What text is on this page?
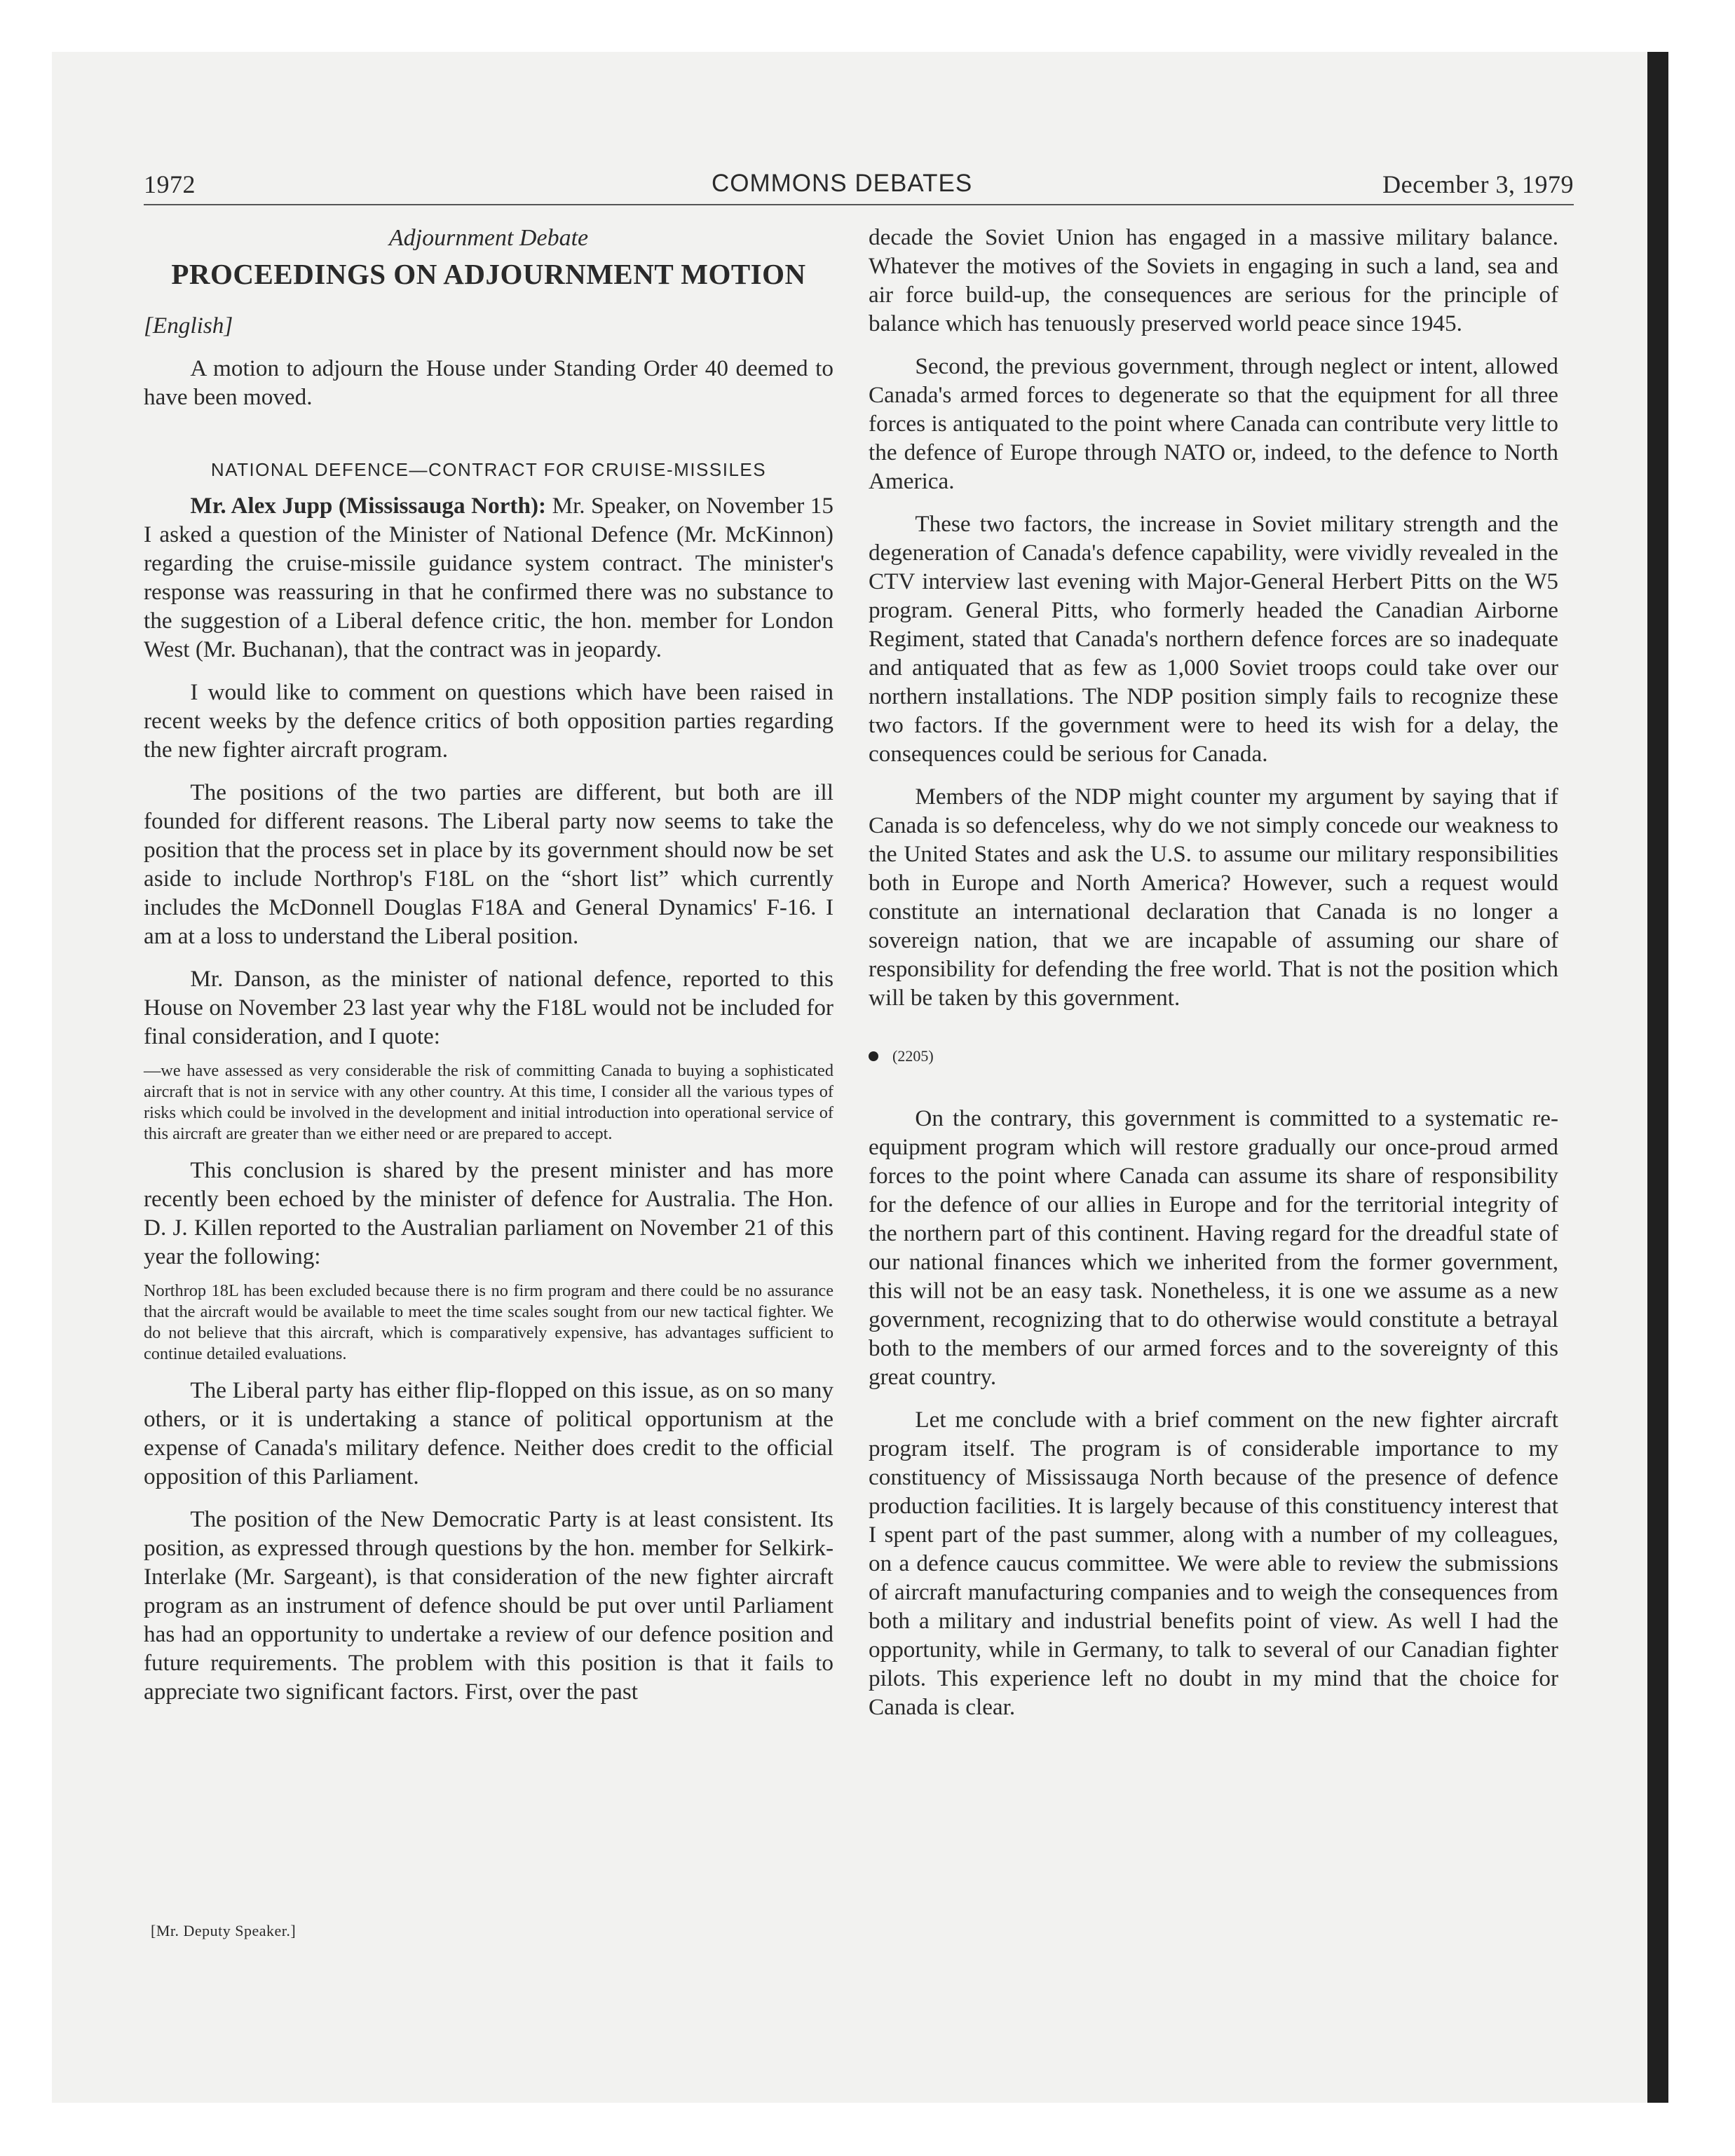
1972	COMMONS DEBATES	December 3, 1979
Adjournment Debate
PROCEEDINGS ON ADJOURNMENT MOTION

[English]

A motion to adjourn the House under Standing Order 40 deemed to have been moved.

NATIONAL DEFENCE—CONTRACT FOR CRUISE-MISSILES

Mr. Alex Jupp (Mississauga North): Mr. Speaker, on November 15 I asked a question of the Minister of National Defence (Mr. McKinnon) regarding the cruise-missile guidance system contract. The minister's response was reassuring in that he confirmed there was no substance to the suggestion of a Liberal defence critic, the hon. member for London West (Mr. Buchanan), that the contract was in jeopardy.

I would like to comment on questions which have been raised in recent weeks by the defence critics of both opposition parties regarding the new fighter aircraft program.

The positions of the two parties are different, but both are ill founded for different reasons. The Liberal party now seems to take the position that the process set in place by its government should now be set aside to include Northrop's F18L on the “short list” which currently includes the McDonnell Douglas F18A and General Dynamics' F-16. I am at a loss to understand the Liberal position.

Mr. Danson, as the minister of national defence, reported to this House on November 23 last year why the F18L would not be included for final consideration, and I quote:

—we have assessed as very considerable the risk of committing Canada to buying a sophisticated aircraft that is not in service with any other country. At this time, I consider all the various types of risks which could be involved in the development and initial introduction into operational service of this aircraft are greater than we either need or are prepared to accept.

This conclusion is shared by the present minister and has more recently been echoed by the minister of defence for Australia. The Hon. D. J. Killen reported to the Australian parliament on November 21 of this year the following:

Northrop 18L has been excluded because there is no firm program and there could be no assurance that the aircraft would be available to meet the time scales sought from our new tactical fighter. We do not believe that this aircraft, which is comparatively expensive, has advantages sufficient to continue detailed evaluations.

The Liberal party has either flip-flopped on this issue, as on so many others, or it is undertaking a stance of political opportunism at the expense of Canada's military defence. Neither does credit to the official opposition of this Parliament.

The position of the New Democratic Party is at least consistent. Its position, as expressed through questions by the hon. member for Selkirk-Interlake (Mr. Sargeant), is that consideration of the new fighter aircraft program as an instrument of defence should be put over until Parliament has had an opportunity to undertake a review of our defence position and future requirements. The problem with this position is that it fails to appreciate two significant factors. First, over the past

decade the Soviet Union has engaged in a massive military balance. Whatever the motives of the Soviets in engaging in such a land, sea and air force build-up, the consequences are serious for the principle of balance which has tenuously preserved world peace since 1945.

Second, the previous government, through neglect or intent, allowed Canada's armed forces to degenerate so that the equipment for all three forces is antiquated to the point where Canada can contribute very little to the defence of Europe through NATO or, indeed, to the defence to North America.

These two factors, the increase in Soviet military strength and the degeneration of Canada's defence capability, were vividly revealed in the CTV interview last evening with Major-General Herbert Pitts on the W5 program. General Pitts, who formerly headed the Canadian Airborne Regiment, stated that Canada's northern defence forces are so inadequate and antiquated that as few as 1,000 Soviet troops could take over our northern installations. The NDP position simply fails to recognize these two factors. If the government were to heed its wish for a delay, the consequences could be serious for Canada.

Members of the NDP might counter my argument by saying that if Canada is so defenceless, why do we not simply concede our weakness to the United States and ask the U.S. to assume our military responsibilities both in Europe and North America? However, such a request would constitute an international declaration that Canada is no longer a sovereign nation, that we are incapable of assuming our share of responsibility for defending the free world. That is not the position which will be taken by this government.

(2205)

On the contrary, this government is committed to a systematic re-equipment program which will restore gradually our once-proud armed forces to the point where Canada can assume its share of responsibility for the defence of our allies in Europe and for the territorial integrity of the northern part of this continent. Having regard for the dreadful state of our national finances which we inherited from the former government, this will not be an easy task. Nonetheless, it is one we assume as a new government, recognizing that to do otherwise would constitute a betrayal both to the members of our armed forces and to the sovereignty of this great country.

Let me conclude with a brief comment on the new fighter aircraft program itself. The program is of considerable importance to my constituency of Mississauga North because of the presence of defence production facilities. It is largely because of this constituency interest that I spent part of the past summer, along with a number of my colleagues, on a defence caucus committee. We were able to review the submissions of aircraft manufacturing companies and to weigh the consequences from both a military and industrial benefits point of view. As well I had the opportunity, while in Germany, to talk to several of our Canadian fighter pilots. This experience left no doubt in my mind that the choice for Canada is clear.

[Mr. Deputy Speaker.]
